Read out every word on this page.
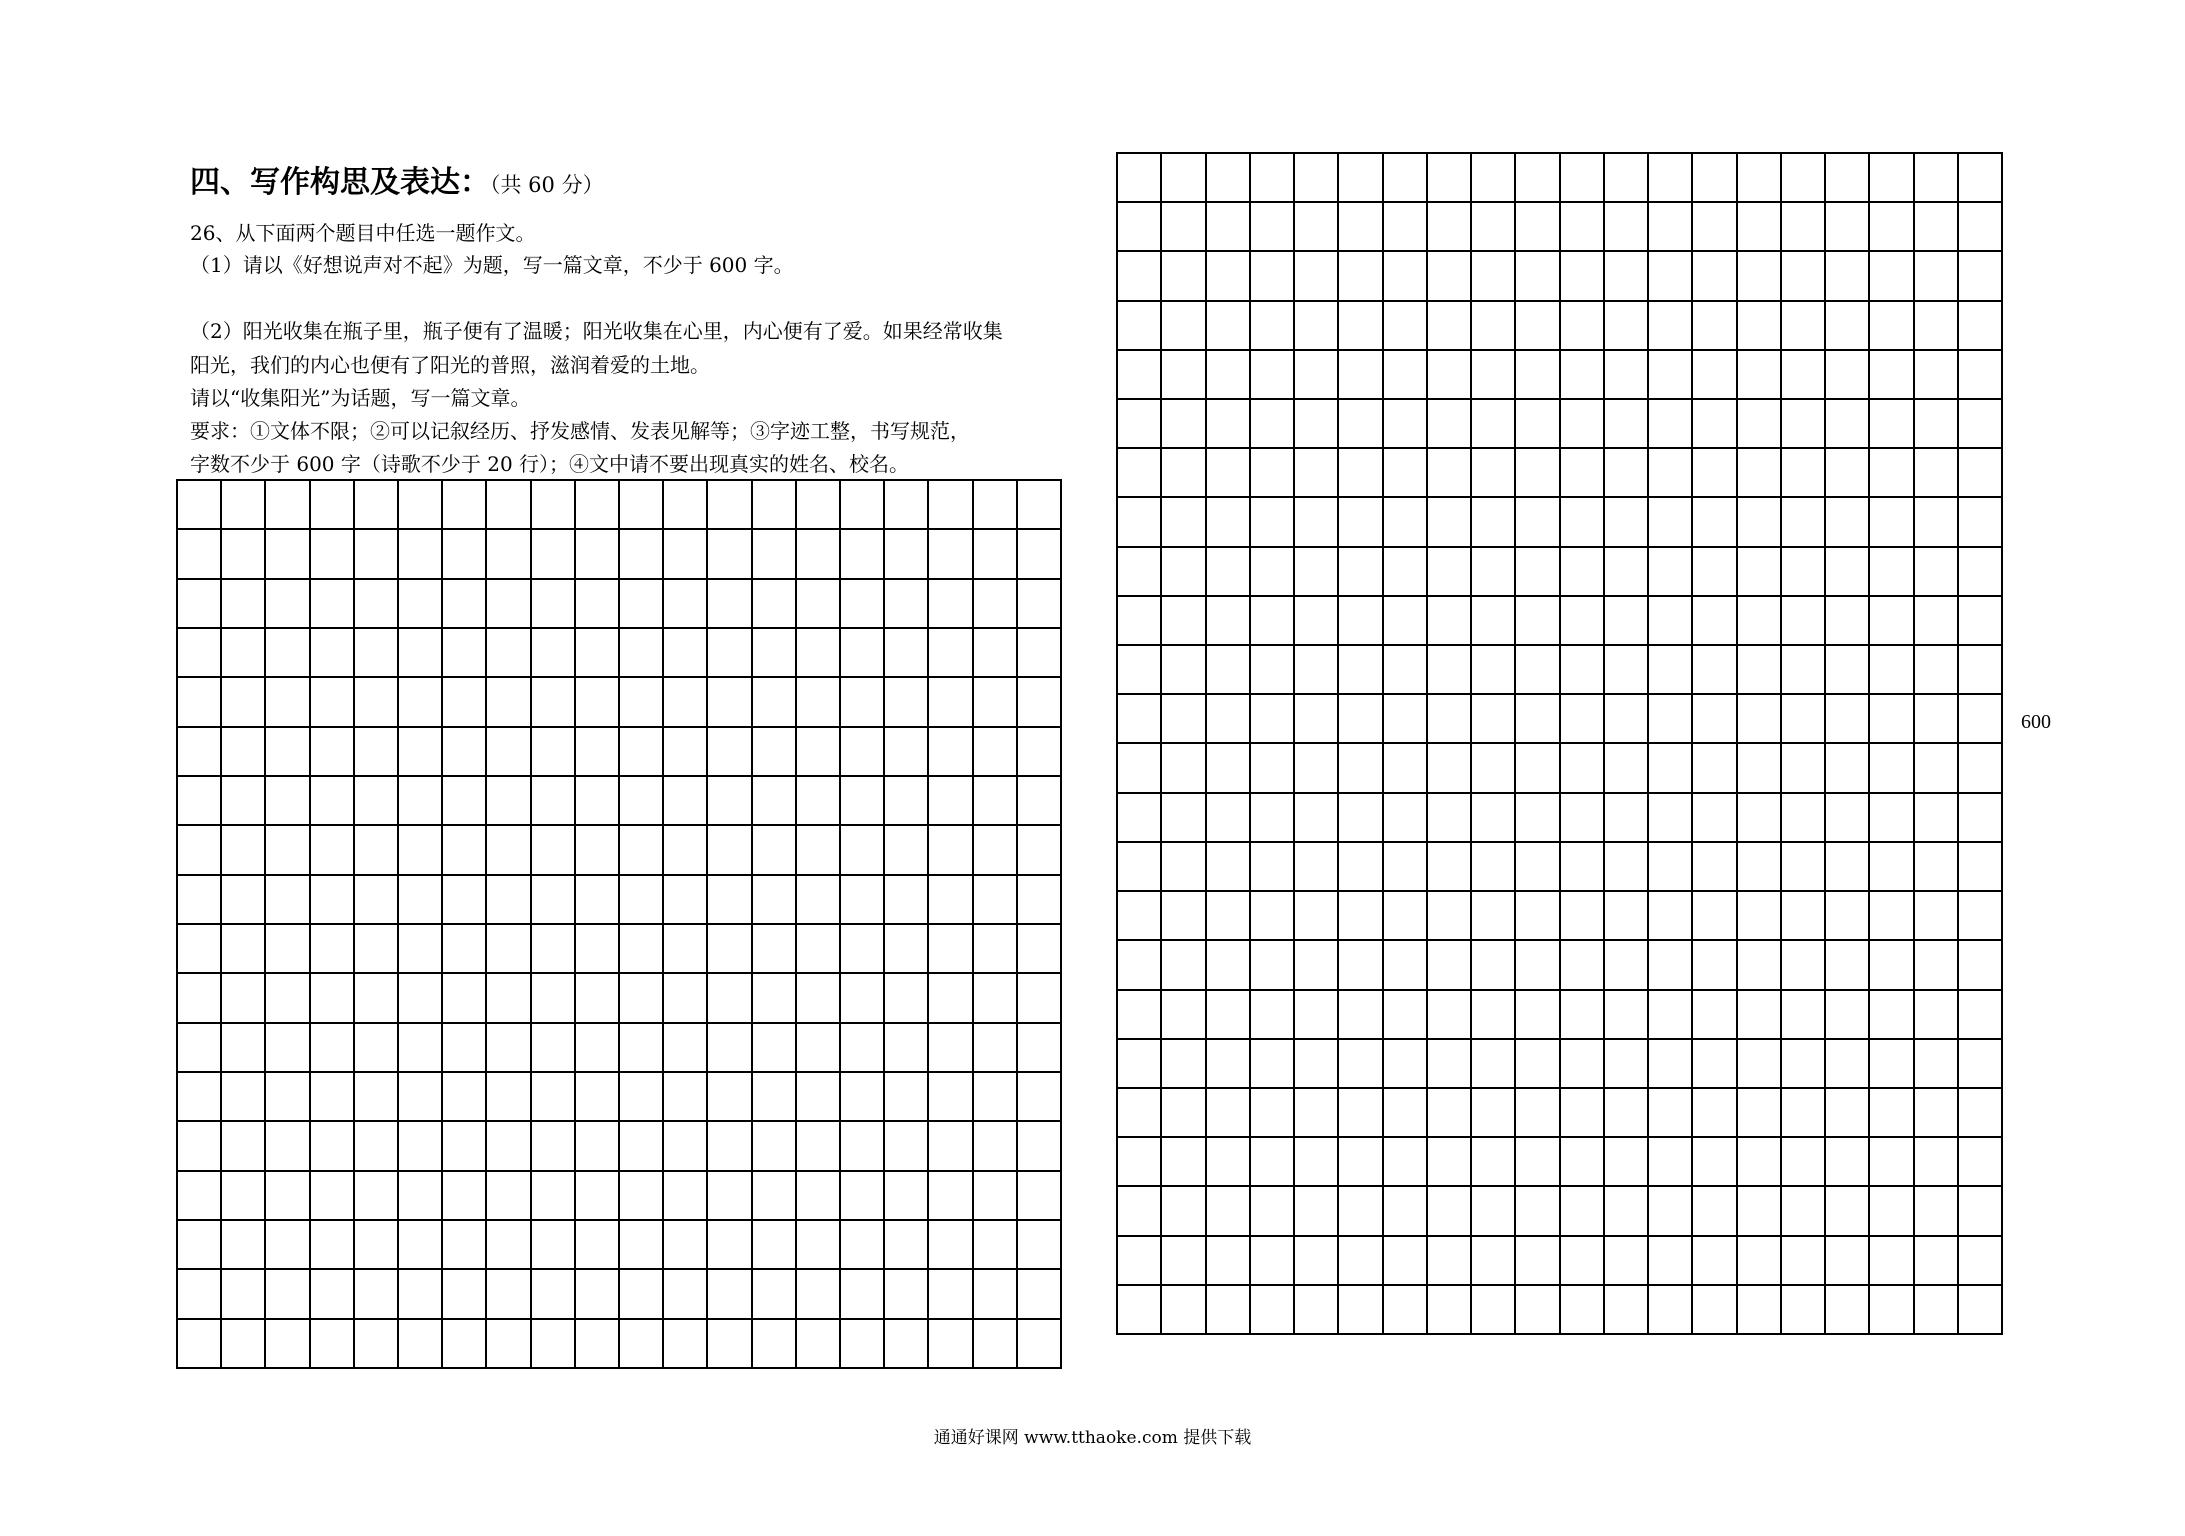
四、写作构思及表达：（共 60 分）
26、从下面两个题目中任选一题作文。
（1）请以《好想说声对不起》为题，写一篇文章，不少于 600 字。
（2）阳光收集在瓶子里，瓶子便有了温暖；阳光收集在心里，内心便有了爱。如果经常收集
阳光，我们的内心也便有了阳光的普照，滋润着爱的土地。
请以“收集阳光”为话题，写一篇文章。
要求：①文体不限；②可以记叙经历、抒发感情、发表见解等；③字迹工整，书写规范，
字数不少于 600 字（诗歌不少于 20 行）；④文中请不要出现真实的姓名、校名。
600
通通好课网 www.tthaoke.com 提供下载
